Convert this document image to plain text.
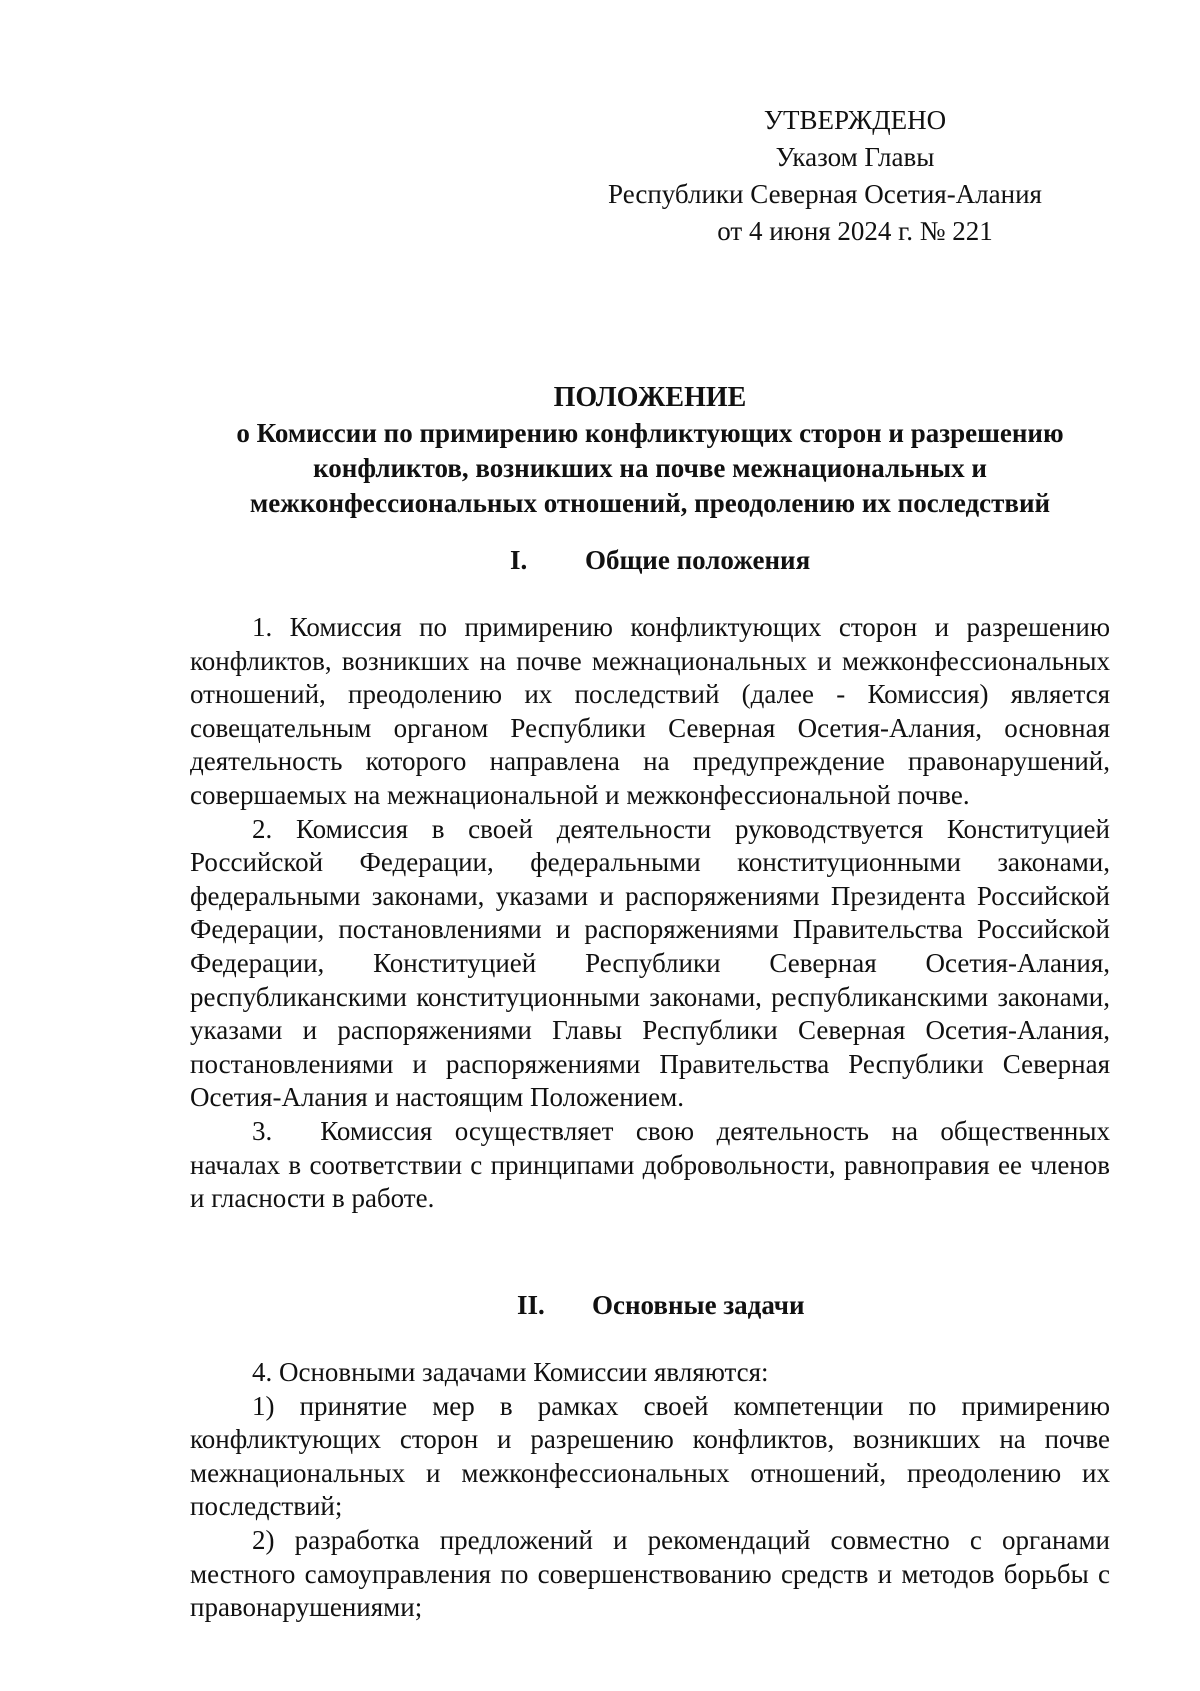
УТВЕРЖДЕНО
Указом Главы
Республики Северная Осетия-Алания
от 4 июня 2024 г. № 221
ПОЛОЖЕНИЕ
о Комиссии по примирению конфликтующих сторон и разрешению
конфликтов, возникших на почве межнациональных и
межконфессиональных отношений, преодолению их последствий
I. Общие положения

1. Комиссия по примирению конфликтующих сторон и разрешению конфликтов, возникших на почве межнациональных и межконфессиональных отношений, преодолению их последствий (далее - Комиссия) является совещательным органом Республики Северная Осетия-Алания, основная деятельность которого направлена на предупреждение правонарушений, совершаемых на межнациональной и межконфессиональной почве.

2. Комиссия в своей деятельности руководствуется Конституцией Российской Федерации, федеральными конституционными законами, федеральными законами, указами и распоряжениями Президента Российской Федерации, постановлениями и распоряжениями Правительства Российской Федерации, Конституцией Республики Северная Осетия-Алания, республиканскими конституционными законами, республиканскими законами, указами и распоряжениями Главы Республики Северная Осетия-Алания, постановлениями и распоряжениями Правительства Республики Северная Осетия-Алания и настоящим Положением.

3. Комиссия осуществляет свою деятельность на общественных началах в соответствии с принципами добровольности, равноправия ее членов и гласности в работе.

II. Основные задачи

4. Основными задачами Комиссии являются:

1) принятие мер в рамках своей компетенции по примирению конфликтующих сторон и разрешению конфликтов, возникших на почве межнациональных и межконфессиональных отношений, преодолению их последствий;

2) разработка предложений и рекомендаций совместно с органами местного самоуправления по совершенствованию средств и методов борьбы с правонарушениями;
